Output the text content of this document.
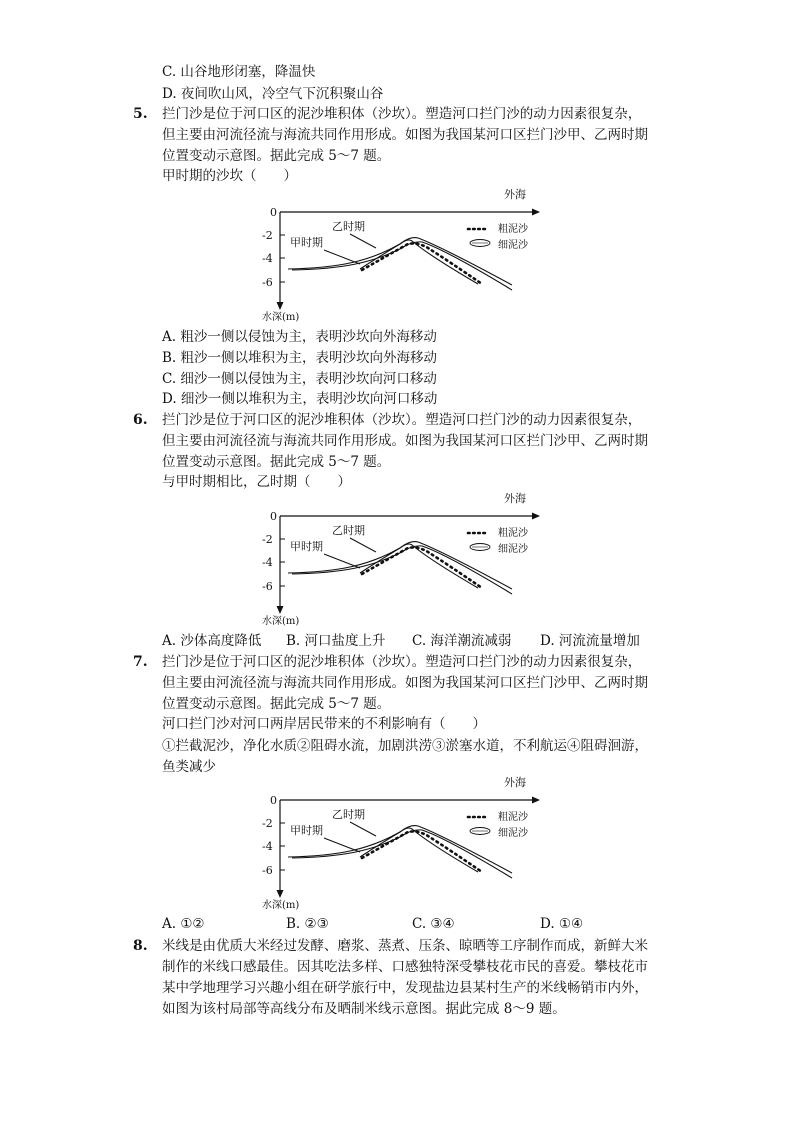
C. 山谷地形闭塞，降温快
D. 夜间吹山风，冷空气下沉积聚山谷
5. 拦门沙是位于河口区的泥沙堆积体（沙坎）。塑造河口拦门沙的动力因素很复杂，
但主要由河流径流与海流共同作用形成。如图为我国某河口区拦门沙甲、乙两时期
位置变动示意图。据此完成 5～7 题。
甲时期的沙坎（　　）
0
-2
-4
-6
水深(m)
外海
乙时期
甲时期
粗泥沙
细泥沙
A. 粗沙一侧以侵蚀为主，表明沙坎向外海移动
B. 粗沙一侧以堆积为主，表明沙坎向外海移动
C. 细沙一侧以侵蚀为主，表明沙坎向河口移动
D. 细沙一侧以堆积为主，表明沙坎向河口移动
6. 拦门沙是位于河口区的泥沙堆积体（沙坎）。塑造河口拦门沙的动力因素很复杂，
但主要由河流径流与海流共同作用形成。如图为我国某河口区拦门沙甲、乙两时期
位置变动示意图。据此完成 5～7 题。
与甲时期相比，乙时期（　　）
0
-2
-4
-6
水深(m)
外海
乙时期
甲时期
粗泥沙
细泥沙
A. 沙体高度降低 B. 河口盐度上升 C. 海洋潮流减弱 D. 河流流量增加
7. 拦门沙是位于河口区的泥沙堆积体（沙坎）。塑造河口拦门沙的动力因素很复杂，
但主要由河流径流与海流共同作用形成。如图为我国某河口区拦门沙甲、乙两时期
位置变动示意图。据此完成 5～7 题。
河口拦门沙对河口两岸居民带来的不利影响有（　　）
①拦截泥沙，净化水质②阻碍水流，加剧洪涝③淤塞水道，不利航运④阻碍洄游，
鱼类减少
0
-2
-4
-6
水深(m)
外海
乙时期
甲时期
粗泥沙
细泥沙
A. ①②	B. ②③	C. ③④	D. ①④
8. 米线是由优质大米经过发酵、磨浆、蒸煮、压条、晾晒等工序制作而成，新鲜大米
制作的米线口感最佳。因其吃法多样、口感独特深受攀枝花市民的喜爱。攀枝花市
某中学地理学习兴趣小组在研学旅行中，发现盐边县某村生产的米线畅销市内外，
如图为该村局部等高线分布及晒制米线示意图。据此完成 8～9 题。
